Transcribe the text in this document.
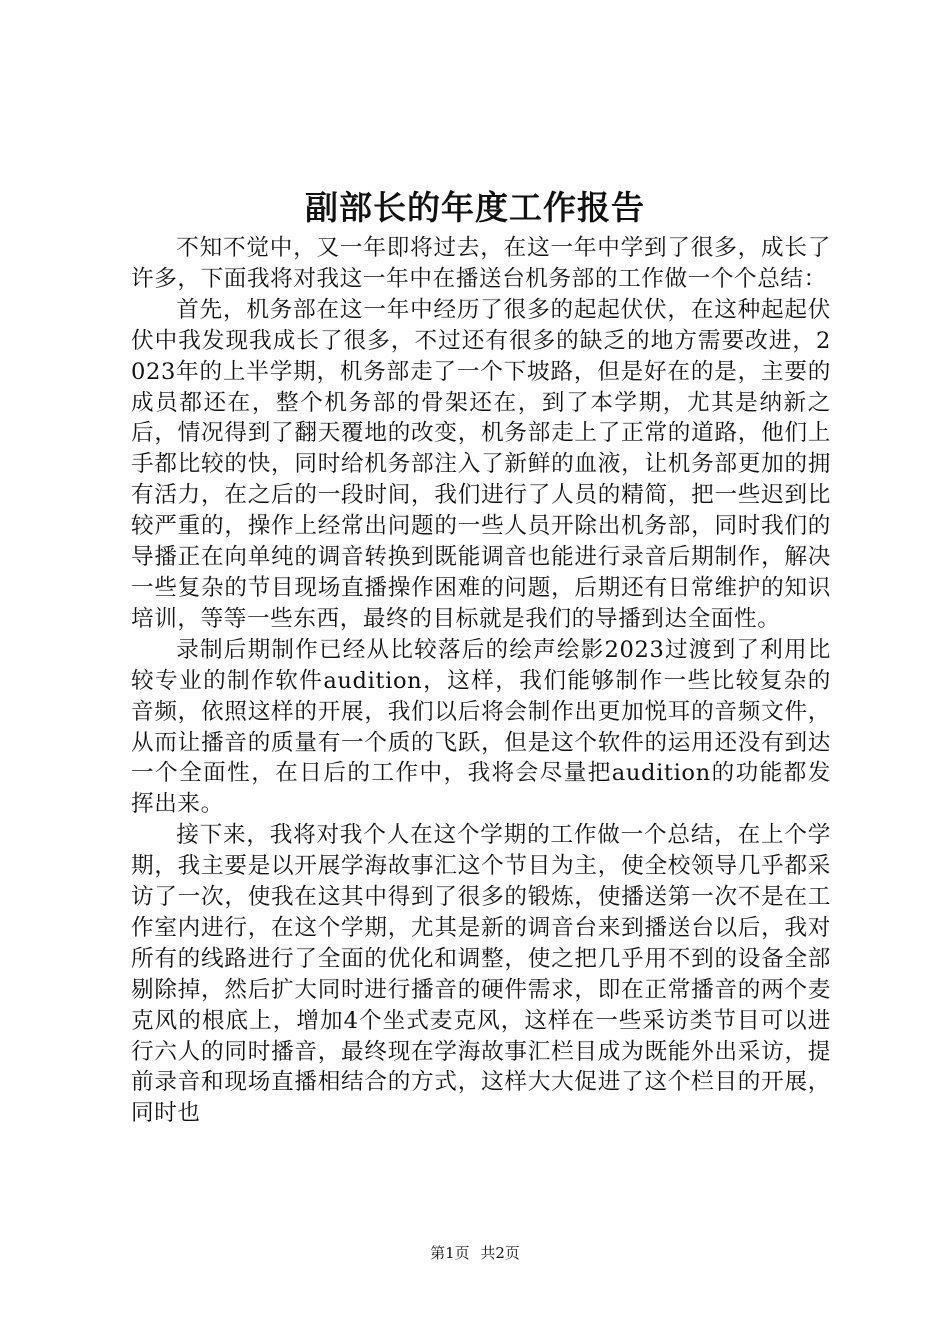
副部长的年度工作报告

不知不觉中，又一年即将过去，在这一年中学到了很多，成长了许多，下面我将对我这一年中在播送台机务部的工作做一个个总结：

首先，机务部在这一年中经历了很多的起起伏伏，在这种起起伏伏中我发现我成长了很多，不过还有很多的缺乏的地方需要改进，2023年的上半学期，机务部走了一个下坡路，但是好在的是，主要的成员都还在，整个机务部的骨架还在，到了本学期，尤其是纳新之后，情况得到了翻天覆地的改变，机务部走上了正常的道路，他们上手都比较的快，同时给机务部注入了新鲜的血液，让机务部更加的拥有活力，在之后的一段时间，我们进行了人员的精简，把一些迟到比较严重的，操作上经常出问题的一些人员开除出机务部，同时我们的导播正在向单纯的调音转换到既能调音也能进行录音后期制作，解决一些复杂的节目现场直播操作困难的问题，后期还有日常维护的知识培训，等等一些东西，最终的目标就是我们的导播到达全面性。

录制后期制作已经从比较落后的绘声绘影2023过渡到了利用比较专业的制作软件audition，这样，我们能够制作一些比较复杂的音频，依照这样的开展，我们以后将会制作出更加悦耳的音频文件，从而让播音的质量有一个质的飞跃，但是这个软件的运用还没有到达一个全面性，在日后的工作中，我将会尽量把audition的功能都发挥出来。

接下来，我将对我个人在这个学期的工作做一个总结，在上个学期，我主要是以开展学海故事汇这个节目为主，使全校领导几乎都采访了一次，使我在这其中得到了很多的锻炼，使播送第一次不是在工作室内进行，在这个学期，尤其是新的调音台来到播送台以后，我对所有的线路进行了全面的优化和调整，使之把几乎用不到的设备全部剔除掉，然后扩大同时进行播音的硬件需求，即在正常播音的两个麦克风的根底上，增加4个坐式麦克风，这样在一些采访类节目可以进行六人的同时播音，最终现在学海故事汇栏目成为既能外出采访，提前录音和现场直播相结合的方式，这样大大促进了这个栏目的开展，同时也

第1页 共2页
